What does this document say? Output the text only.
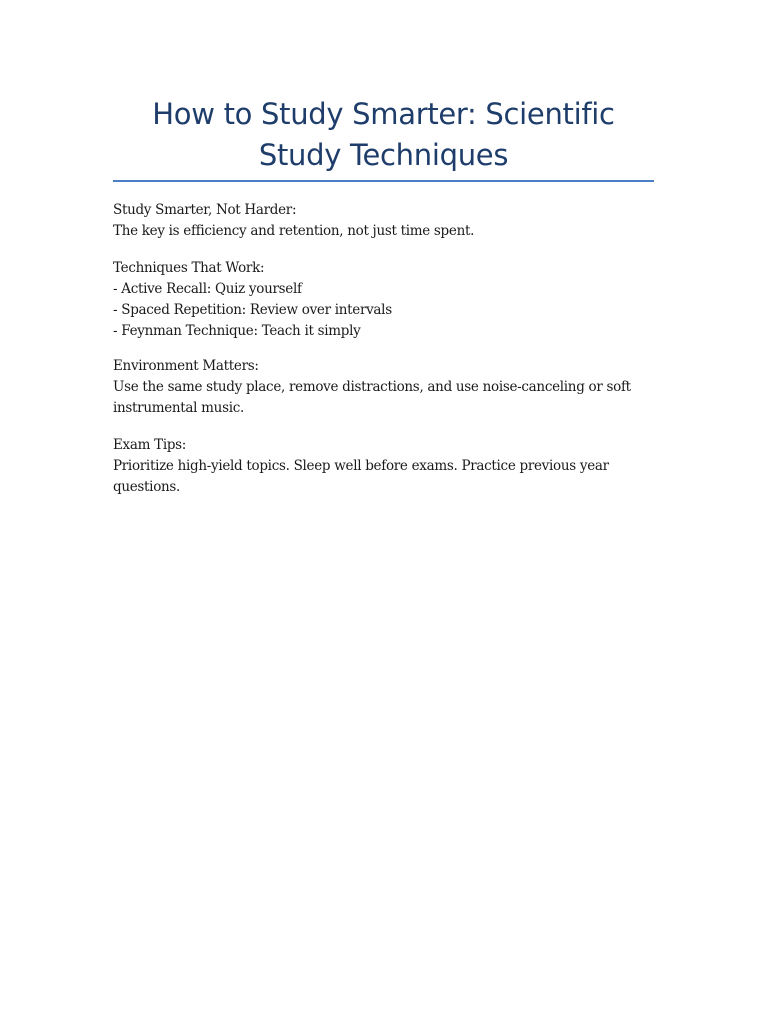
How to Study Smarter: Scientific Study Techniques

Study Smarter, Not Harder:

The key is efficiency and retention, not just time spent.

Techniques That Work:

- Active Recall: Quiz yourself
- Spaced Repetition: Review over intervals
- Feynman Technique: Teach it simply

Environment Matters:

Use the same study place, remove distractions, and use noise-canceling or soft instrumental music.

Exam Tips:

Prioritize high-yield topics. Sleep well before exams. Practice previous year questions.
